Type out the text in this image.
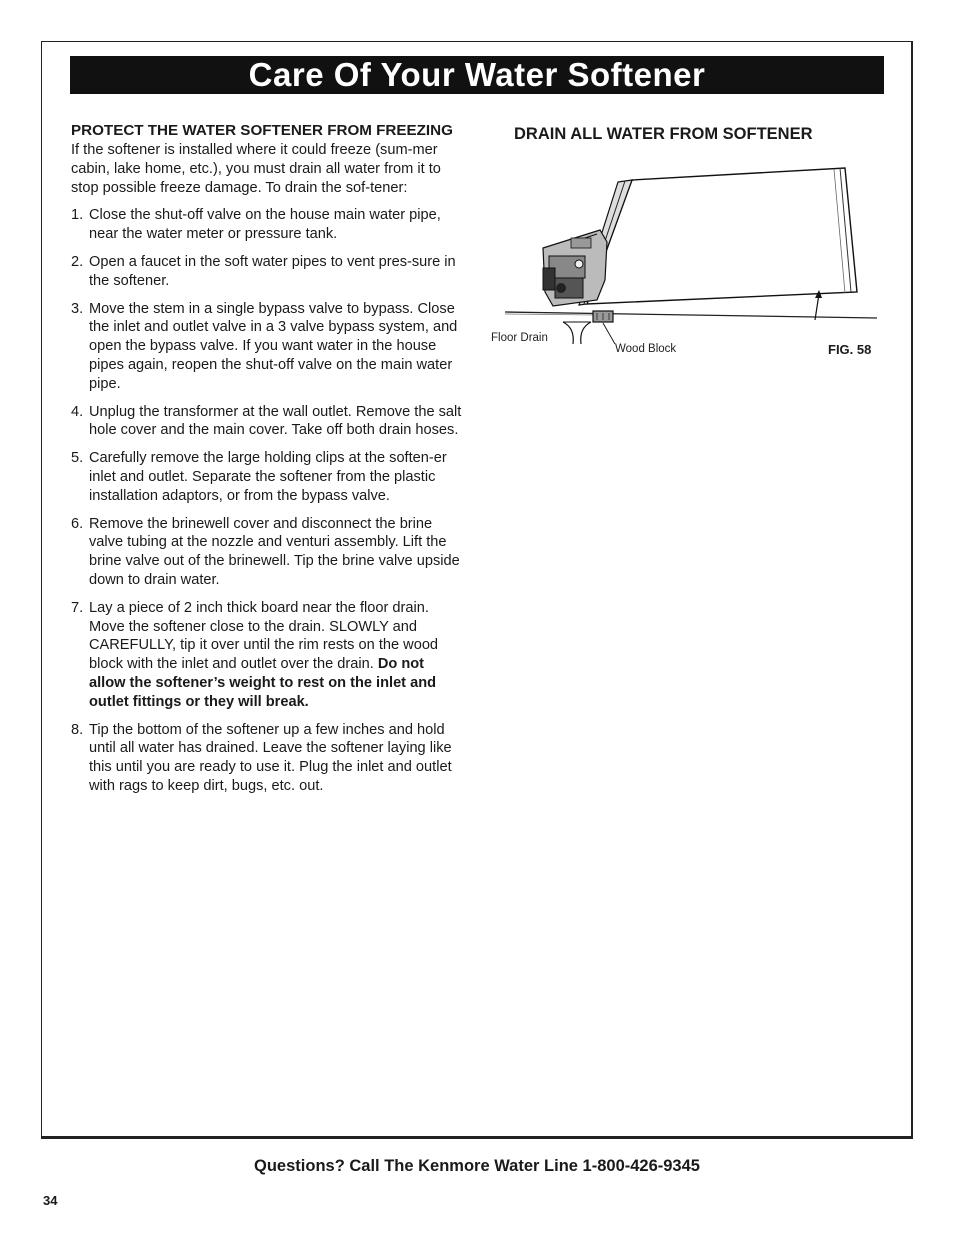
Care Of Your Water Softener

PROTECT THE WATER SOFTENER FROM FREEZING

If the softener is installed where it could freeze (sum-mer cabin, lake home, etc.), you must drain all water from it to stop possible freeze damage. To drain the sof-tener:

1. Close the shut-off valve on the house main water pipe, near the water meter or pressure tank.
2. Open a faucet in the soft water pipes to vent pres-sure in the softener.
3. Move the stem in a single bypass valve to bypass. Close the inlet and outlet valve in a 3 valve bypass system, and open the bypass valve. If you want water in the house pipes again, reopen the shut-off valve on the main water pipe.
4. Unplug the transformer at the wall outlet. Remove the salt hole cover and the main cover. Take off both drain hoses.
5. Carefully remove the large holding clips at the soften-er inlet and outlet. Separate the softener from the plastic installation adaptors, or from the bypass valve.
6. Remove the brinewell cover and disconnect the brine valve tubing at the nozzle and venturi assembly. Lift the brine valve out of the brinewell. Tip the brine valve upside down to drain water.
7. Lay a piece of 2 inch thick board near the floor drain. Move the softener close to the drain. SLOWLY and CAREFULLY, tip it over until the rim rests on the wood block with the inlet and outlet over the drain. Do not allow the softener’s weight to rest on the inlet and outlet fittings or they will break.
8. Tip the bottom of the softener up a few inches and hold until all water has drained. Leave the softener laying like this until you are ready to use it. Plug the inlet and outlet with rags to keep dirt, bugs, etc. out.

DRAIN ALL WATER FROM SOFTENER

Floor Drain
Wood Block	FIG. 58
Questions? Call The Kenmore Water Line 1-800-426-9345
34
